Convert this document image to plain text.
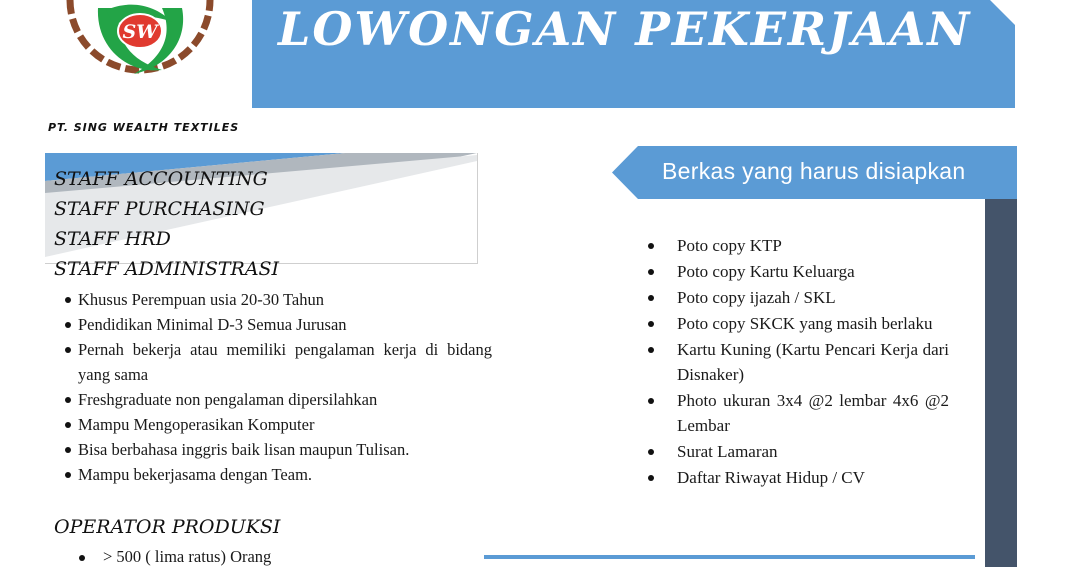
LOWONGAN PEKERJAAN
SW
PT. SING WEALTH TEXTILES
STAFF ACCOUNTING
STAFF PURCHASING
STAFF HRD
STAFF ADMINISTRASI
Khusus Perempuan usia 20-30 Tahun
Pendidikan Minimal D-3 Semua Jurusan
Pernah bekerja atau memiliki pengalaman kerja di bidang yang sama
Freshgraduate non pengalaman dipersilahkan
Mampu Mengoperasikan Komputer
Bisa berbahasa inggris baik lisan maupun Tulisan.
Mampu bekerjasama dengan Team.
OPERATOR PRODUKSI
> 500 ( lima ratus) Orang
Berkas yang harus disiapkan
Poto copy KTP
Poto copy Kartu Keluarga
Poto copy ijazah / SKL
Poto copy SKCK yang masih berlaku
Kartu Kuning (Kartu Pencari Kerja dari Disnaker)
Photo ukuran 3x4 @2 lembar 4x6 @2 Lembar
Surat Lamaran
Daftar Riwayat Hidup / CV
